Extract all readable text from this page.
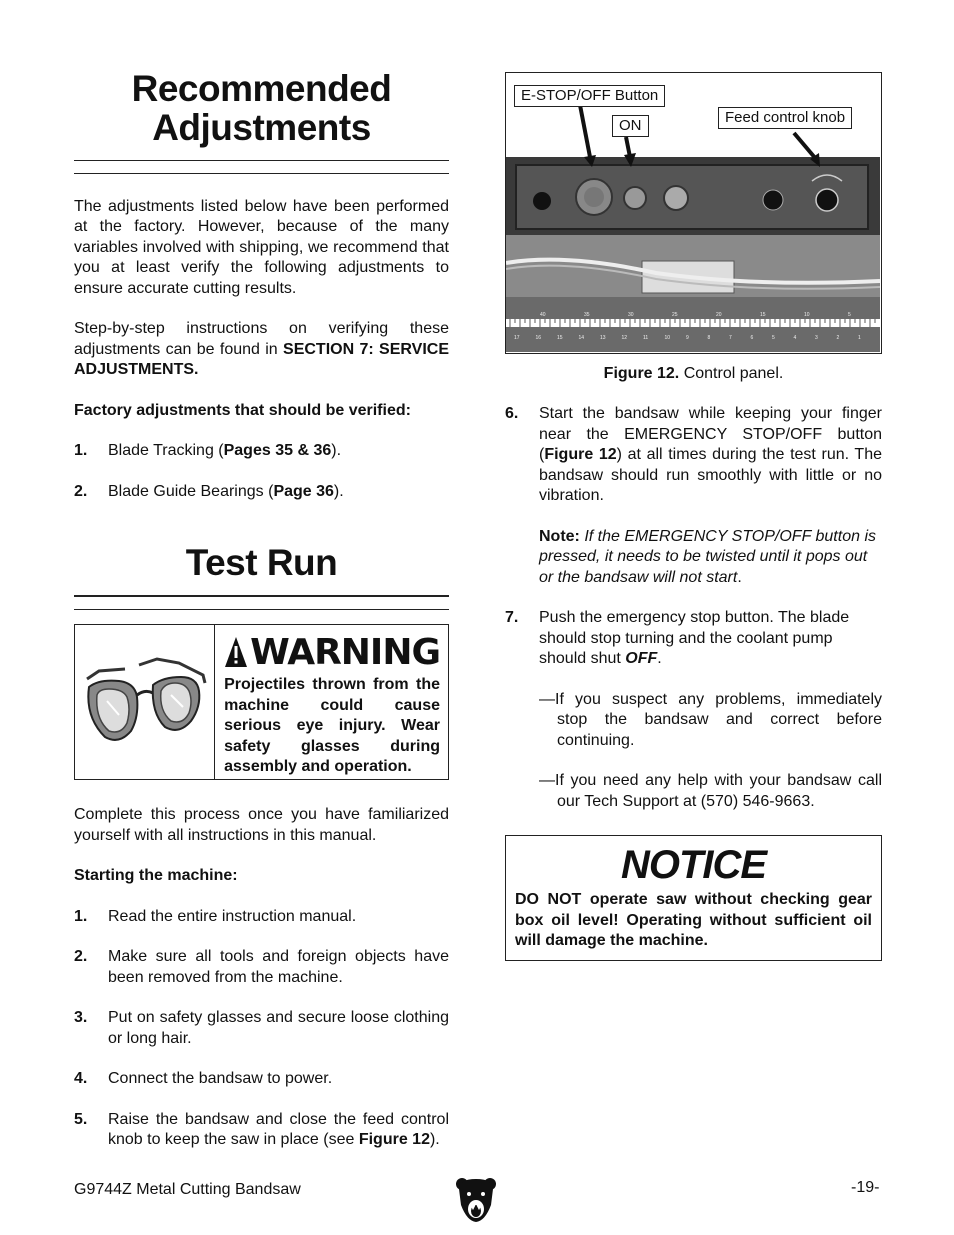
Recommended
Adjustments

The adjustments listed below have been performed at the factory. However, because of the many variables involved with shipping, we recommend that you at least verify the following adjustments to ensure accurate cutting results.

Step-by-step instructions on verifying these adjustments can be found in SECTION 7: SERVICE ADJUSTMENTS.

Factory adjustments that should be verified:

1.	Blade Tracking (Pages 35 & 36).
2.	Blade Guide Bearings (Page 36).
Test Run
WARNING
Projectiles thrown from the machine could cause serious eye injury. Wear safety glasses during assembly and operation.

Complete this process once you have familiarized yourself with all instructions in this manual.

Starting the machine:

1.	Read the entire instruction manual.
2.	Make sure all tools and foreign objects have been removed from the machine.
3.	Put on safety glasses and secure loose clothing or long hair.
4.	Connect the bandsaw to power.
5.	Raise the bandsaw and close the feed control knob to keep the saw in place (see Figure 12).
40	35	30	25	20	15	10	5
17	16	15	14	13	12	11	10	9	8	7	6	5	4	3	2	1
E-STOP/OFF Button
ON	Feed control knob
Figure 12. Control panel.
6.	Start the bandsaw while keeping your finger near the EMERGENCY STOP/OFF button (Figure 12) at all times during the test run. The bandsaw should run smoothly with little or no vibration.

Note: If the EMERGENCY STOP/OFF button is pressed, it needs to be twisted until it pops out or the bandsaw will not start.

7.	Push the emergency stop button. The blade should stop turning and the coolant pump should shut OFF.
—If you suspect any problems, immediately stop the bandsaw and correct before continuing.
—If you need any help with your bandsaw call our Tech Support at (570) 546-9663.
NOTICE
DO NOT operate saw without checking gear box oil level! Operating without sufficient oil will damage the machine.
G9744Z Metal Cutting Bandsaw	-19-
